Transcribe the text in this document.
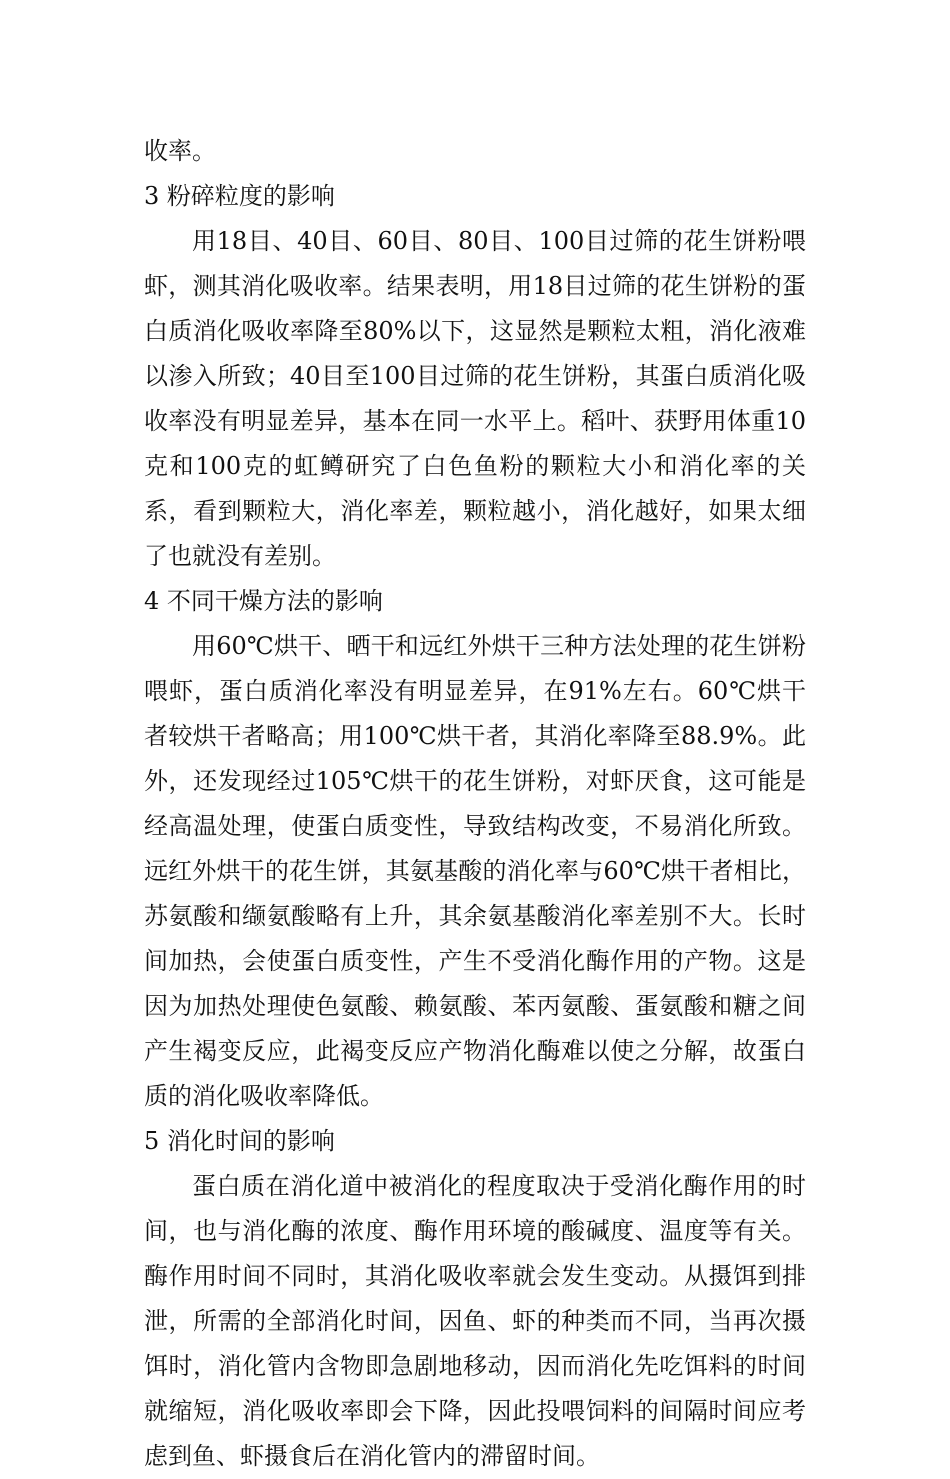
收率。

3 粉碎粒度的影响

用18目、40目、60目、80目、100目过筛的花生饼粉喂虾，测其消化吸收率。结果表明，用18目过筛的花生饼粉的蛋白质消化吸收率降至80%以下，这显然是颗粒太粗，消化液难以渗入所致；40目至100目过筛的花生饼粉，其蛋白质消化吸收率没有明显差异，基本在同一水平上。稻叶、获野用体重10克和100克的虹鳟研究了白色鱼粉的颗粒大小和消化率的关系，看到颗粒大，消化率差，颗粒越小，消化越好，如果太细了也就没有差别。

4 不同干燥方法的影响

用60℃烘干、晒干和远红外烘干三种方法处理的花生饼粉喂虾，蛋白质消化率没有明显差异，在91%左右。60℃烘干者较烘干者略高；用100℃烘干者，其消化率降至88.9%。此外，还发现经过105℃烘干的花生饼粉，对虾厌食，这可能是经高温处理，使蛋白质变性，导致结构改变，不易消化所致。远红外烘干的花生饼，其氨基酸的消化率与60℃烘干者相比，苏氨酸和缬氨酸略有上升，其余氨基酸消化率差别不大。长时间加热，会使蛋白质变性，产生不受消化酶作用的产物。这是因为加热处理使色氨酸、赖氨酸、苯丙氨酸、蛋氨酸和糖之间产生褐变反应，此褐变反应产物消化酶难以使之分解，故蛋白质的消化吸收率降低。

5 消化时间的影响

蛋白质在消化道中被消化的程度取决于受消化酶作用的时间，也与消化酶的浓度、酶作用环境的酸碱度、温度等有关。酶作用时间不同时，其消化吸收率就会发生变动。从摄饵到排泄，所需的全部消化时间，因鱼、虾的种类而不同，当再次摄饵时，消化管内含物即急剧地移动，因而消化先吃饵料的时间就缩短，消化吸收率即会下降，因此投喂饲料的间隔时间应考虑到鱼、虾摄食后在消化管内的滞留时间。
